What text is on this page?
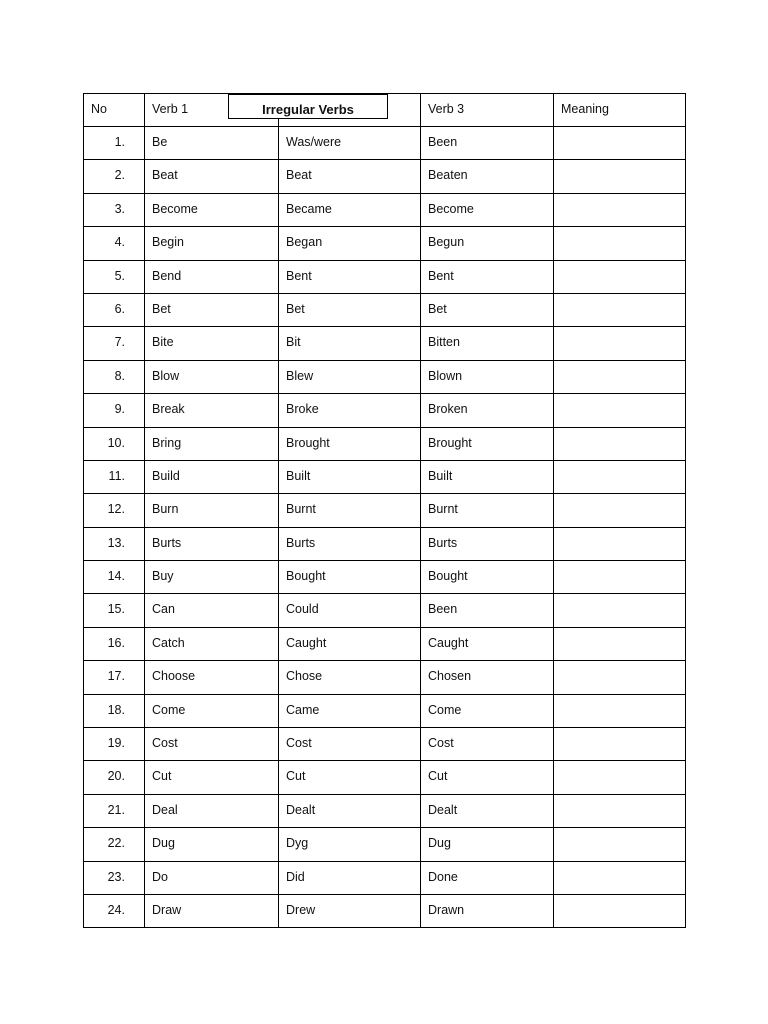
No	Verb 1		Verb 3	Meaning

1.	Be	Was/were	Been	

2.	Beat	Beat	Beaten	

3.	Become	Became	Become	

4.	Begin	Began	Begun	

5.	Bend	Bent	Bent	

6.	Bet	Bet	Bet	

7.	Bite	Bit	Bitten	

8.	Blow	Blew	Blown	

9.	Break	Broke	Broken	

10.	Bring	Brought	Brought	

11.	Build	Built	Built	

12.	Burn	Burnt	Burnt	

13.	Burts	Burts	Burts	

14.	Buy	Bought	Bought	

15.	Can	Could	Been	

16.	Catch	Caught	Caught	

17.	Choose	Chose	Chosen	

18.	Come	Came	Come	

19.	Cost	Cost	Cost	

20.	Cut	Cut	Cut	

21.	Deal	Dealt	Dealt	

22.	Dug	Dyg	Dug	

23.	Do	Did	Done	

24.	Draw	Drew	Drawn	

Irregular Verbs
